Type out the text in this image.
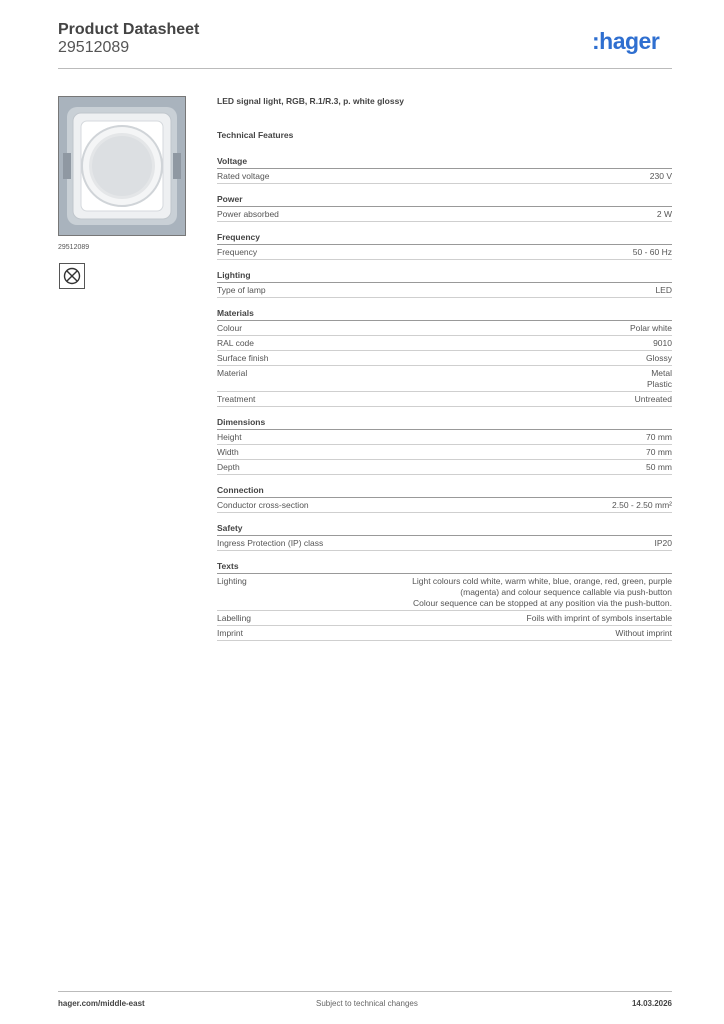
Product Datasheet
29512089	:hager
29512089
LED signal light, RGB, R.1/R.3, p. white glossy
Technical Features
Voltage
Rated voltage	230 V
Power
Power absorbed	2 W
Frequency
Frequency	50 - 60 Hz
Lighting
Type of lamp	LED
Materials
Colour	Polar white
RAL code	9010
Surface finish	Glossy
Material	Metal
Plastic
Treatment	Untreated
Dimensions
Height	70 mm
Width	70 mm
Depth	50 mm
Connection
Conductor cross-section	2.50 - 2.50 mm²
Safety
Ingress Protection (IP) class	IP20
Texts
Lighting	Light colours cold white, warm white, blue, orange, red, green, purple
(magenta) and colour sequence callable via push-button
Colour sequence can be stopped at any position via the push-button.
Labelling	Foils with imprint of symbols insertable
Imprint	Without imprint
hager.com/middle-east	Subject to technical changes	14.03.2026
